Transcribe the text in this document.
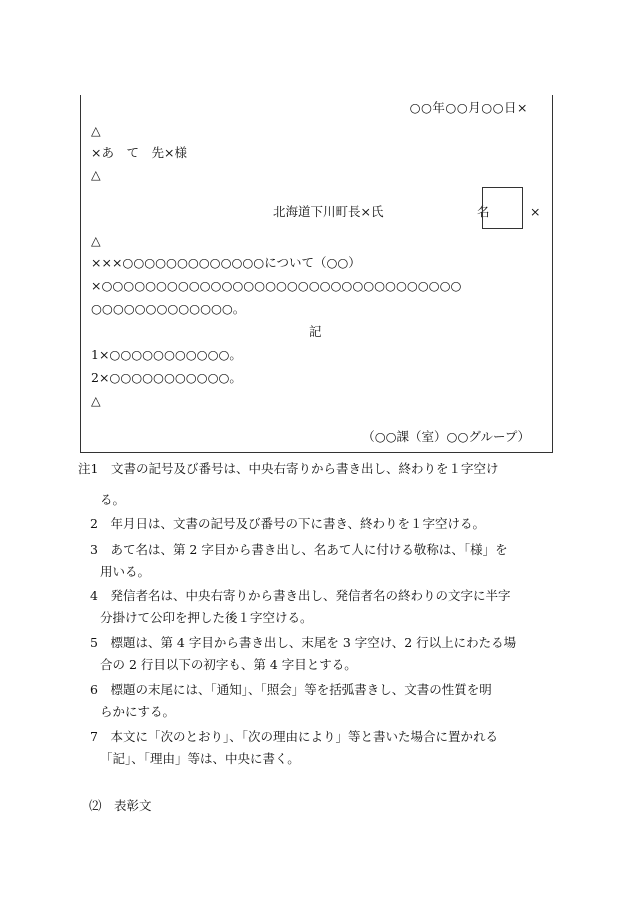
○○年○○月○○日×
△
×あ　て　先×様
△
北海道下川町長×氏	名	×
△
×××○○○○○○○○○○○○○について（○○）
×○○○○○○○○○○○○○○○○○○○○○○○○○○○○○○○○○
○○○○○○○○○○○○○。
記
1×○○○○○○○○○○○。
2×○○○○○○○○○○○。
△
（○○課（室）○○グループ）
注1　文書の記号及び番号は、中央右寄りから書き出し、終わりを１字空け
る。
2　年月日は、文書の記号及び番号の下に書き、終わりを１字空ける。
3　あて名は、第 2 字目から書き出し、名あて人に付ける敬称は、「様」を
用いる。
4　発信者名は、中央右寄りから書き出し、発信者名の終わりの文字に半字
分掛けて公印を押した後１字空ける。
5　標題は、第 4 字目から書き出し、末尾を 3 字空け、2 行以上にわたる場
合の 2 行目以下の初字も、第 4 字目とする。
6　標題の末尾には、「通知」、「照会」等を括弧書きし、文書の性質を明
らかにする。
7　本文に「次のとおり」、「次の理由により」等と書いた場合に置かれる
「記」、「理由」等は、中央に書く。
⑵　表彰文
